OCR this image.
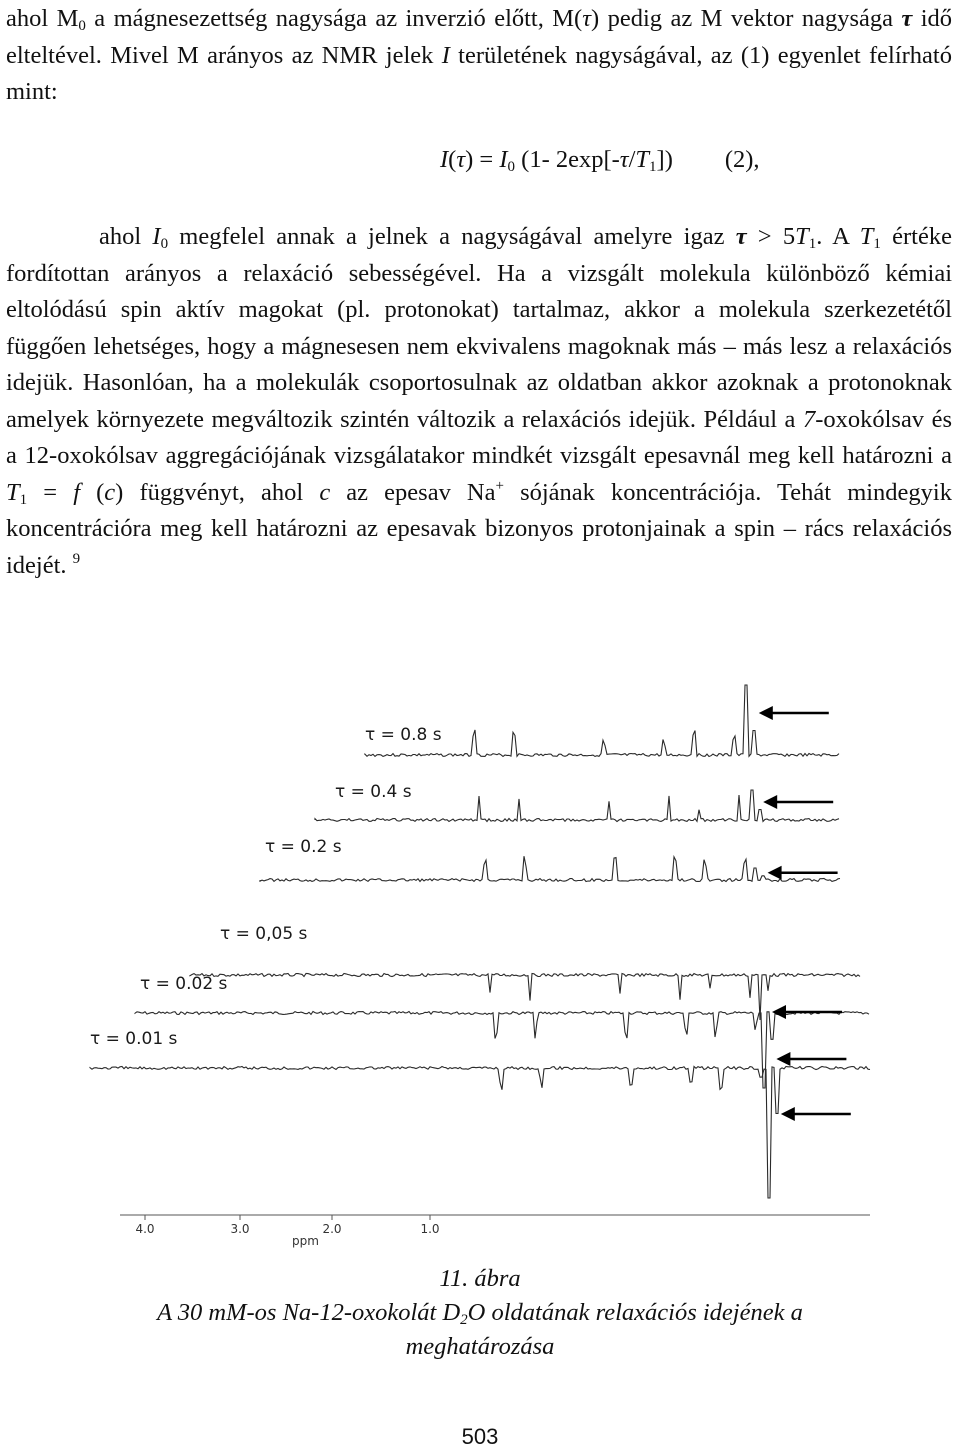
ahol $M_0$ a mágnesezettség nagysága az inverzió előtt, M(τ) pedig az M vektor nagysága τ idő elteltével. Mivel M arányos az NMR jelek I területének nagyságával, az (1) egyenlet felírható mint:
$I(\tau) = I_0$ (1- $2\exp[-\tau/T_1]$) (2),
ahol $I_0$ megfelel annak a jelnek a nagyságával amelyre igaz $\tau > 5T_1$. A $T_1$ értéke fordítottan arányos a relaxáció sebességével. Ha a vizsgált molekula különböző kémiai eltolódású spin aktív magokat (pl. protonokat) tartalmaz, akkor a molekula szerkezetétől függően lehetséges, hogy a mágnesesen nem ekvivalens magoknak más – más lesz a relaxációs idejük. Hasonlóan, ha a molekulák csoportosulnak az oldatban akkor azoknak a protonoknak amelyek környezete megváltozik szintén változik a relaxációs idejük. Például a 7-oxokólsav és a 12-oxokólsav aggregációjának vizsgálatakor mindkét vizsgált epesavnál meg kell határozni a $T_1 = f$ (c) függvényt, ahol c az epesav Na+ sójának koncentrációja. Tehát mindegyik koncentrációra meg kell határozni az epesavak bizonyos protonjainak a spin – rács relaxációs idejét. $^9$
τ = 0.8 s
τ = 0.4 s
τ = 0.2 s
τ = 0,05 s
τ = 0.02 s
τ = 0.01 s
4.0	3.0	2.0	1.0
ppm
11. ábra
A 30 mM-os Na-12-oxokolát $D_2O$ oldatának relaxációs idejének a meghatározása
503
